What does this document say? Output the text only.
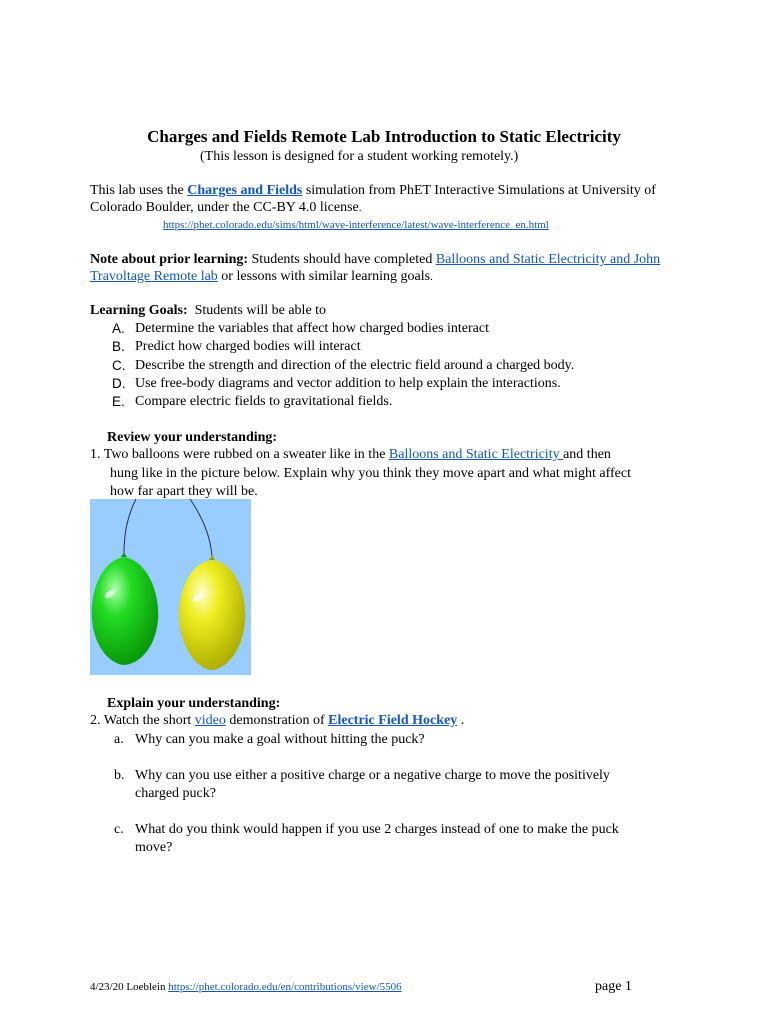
Charges and Fields Remote Lab Introduction to Static Electricity
(This lesson is designed for a student working remotely.)
This lab uses the Charges and Fields simulation from PhET Interactive Simulations at University of
Colorado Boulder, under the CC-BY 4.0 license.
https://phet.colorado.edu/sims/html/wave-interference/latest/wave-interference_en.html
Note about prior learning: Students should have completed Balloons and Static Electricity and John
Travoltage Remote lab or lessons with similar learning goals.
Learning Goals:  Students will be able to
A. Determine the variables that affect how charged bodies interact
B. Predict how charged bodies will interact
C. Describe the strength and direction of the electric field around a charged body.
D. Use free-body diagrams and vector addition to help explain the interactions.
E. Compare electric fields to gravitational fields.
Review your understanding:
1. Two balloons were rubbed on a sweater like in the Balloons and Static Electricity and then
hung like in the picture below. Explain why you think they move apart and what might affect
how far apart they will be.
Explain your understanding:
2. Watch the short video demonstration of Electric Field Hockey .
a. Why can you make a goal without hitting the puck?
b. Why can you use either a positive charge or a negative charge to move the positively
charged puck?
c. What do you think would happen if you use 2 charges instead of one to make the puck
move?
4/23/20 Loeblein https://phet.colorado.edu/en/contributions/view/5506	page 1
